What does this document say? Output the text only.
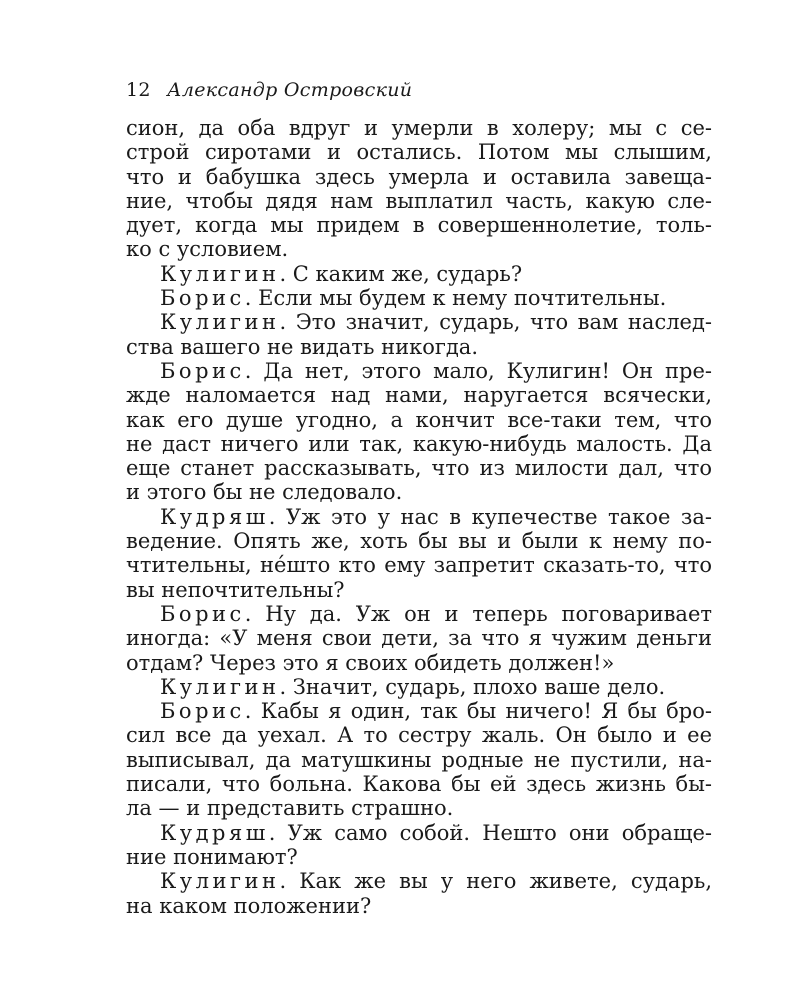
12 Александр Островский
сион, да оба вдруг и умерли в холеру; мы с се-
строй сиротами и остались. Потом мы слышим,
что и бабушка здесь умерла и оставила завеща-
ние, чтобы дядя нам выплатил часть, какую сле-
дует, когда мы придем в совершеннолетие, толь-
ко с условием.
Кулигин. С каким же, сударь?
Борис. Если мы будем к нему почтительны.
Кулигин. Это значит, сударь, что вам наслед-
ства вашего не видать никогда.
Борис. Да нет, этого мало, Кулигин! Он пре-
жде наломается над нами, наругается всячески,
как его душе угодно, а кончит все-таки тем, что
не даст ничего или так, какую-нибудь малость. Да
еще станет рассказывать, что из милости дал, что
и этого бы не следовало.
Кудряш. Уж это у нас в купечестве такое за-
ведение. Опять же, хоть бы вы и были к нему по-
чтительны, нéшто кто ему запретит сказать-то, что
вы непочтительны?
Борис. Ну да. Уж он и теперь поговаривает
иногда: «У меня свои дети, за что я чужим деньги
отдам? Через это я своих обидеть должен!»
Кулигин. Значит, сударь, плохо ваше дело.
Борис. Кабы я один, так бы ничего! Я бы бро-
сил все да уехал. А то сестру жаль. Он было и ее
выписывал, да матушкины родные не пустили, на-
писали, что больна. Какова бы ей здесь жизнь бы-
ла — и представить страшно.
Кудряш. Уж само собой. Нешто они обраще-
ние понимают?
Кулигин. Как же вы у него живете, сударь,
на каком положении?
